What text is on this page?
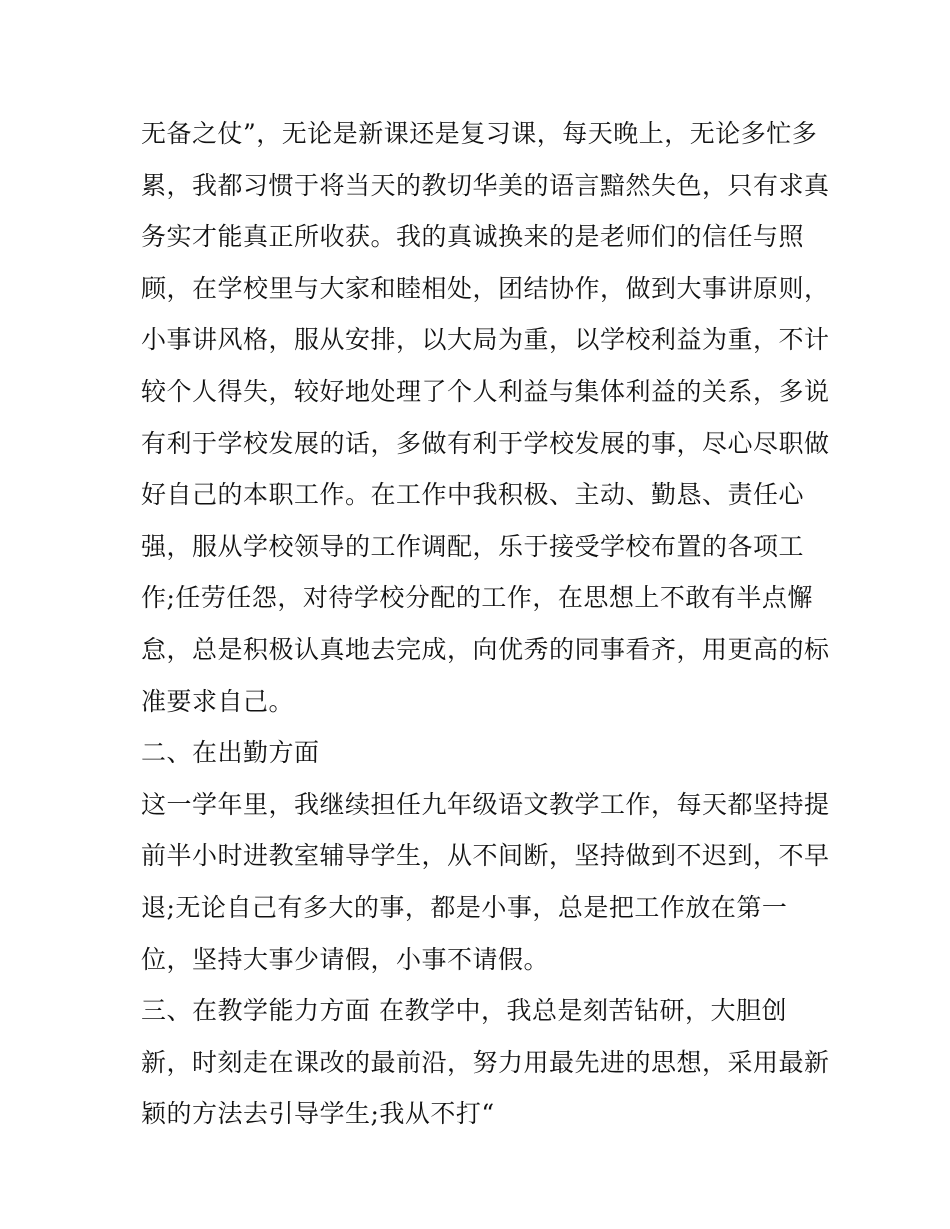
无备之仗”，无论是新课还是复习课，每天晚上，无论多忙多

累，我都习惯于将当天的教切华美的语言黯然失色，只有求真

务实才能真正所收获。我的真诚换来的是老师们的信任与照

顾，在学校里与大家和睦相处，团结协作，做到大事讲原则，

小事讲风格，服从安排，以大局为重，以学校利益为重，不计

较个人得失，较好地处理了个人利益与集体利益的关系，多说

有利于学校发展的话，多做有利于学校发展的事，尽心尽职做

好自己的本职工作。在工作中我积极、主动、勤恳、责任心

强，服从学校领导的工作调配，乐于接受学校布置的各项工

作;任劳任怨，对待学校分配的工作，在思想上不敢有半点懈

怠，总是积极认真地去完成，向优秀的同事看齐，用更高的标

准要求自己。

二、在出勤方面

这一学年里，我继续担任九年级语文教学工作，每天都坚持提

前半小时进教室辅导学生，从不间断，坚持做到不迟到，不早

退;无论自己有多大的事，都是小事，总是把工作放在第一

位，坚持大事少请假，小事不请假。

三、在教学能力方面 在教学中，我总是刻苦钻研，大胆创

新，时刻走在课改的最前沿，努力用最先进的思想，采用最新

颖的方法去引导学生;我从不打“
